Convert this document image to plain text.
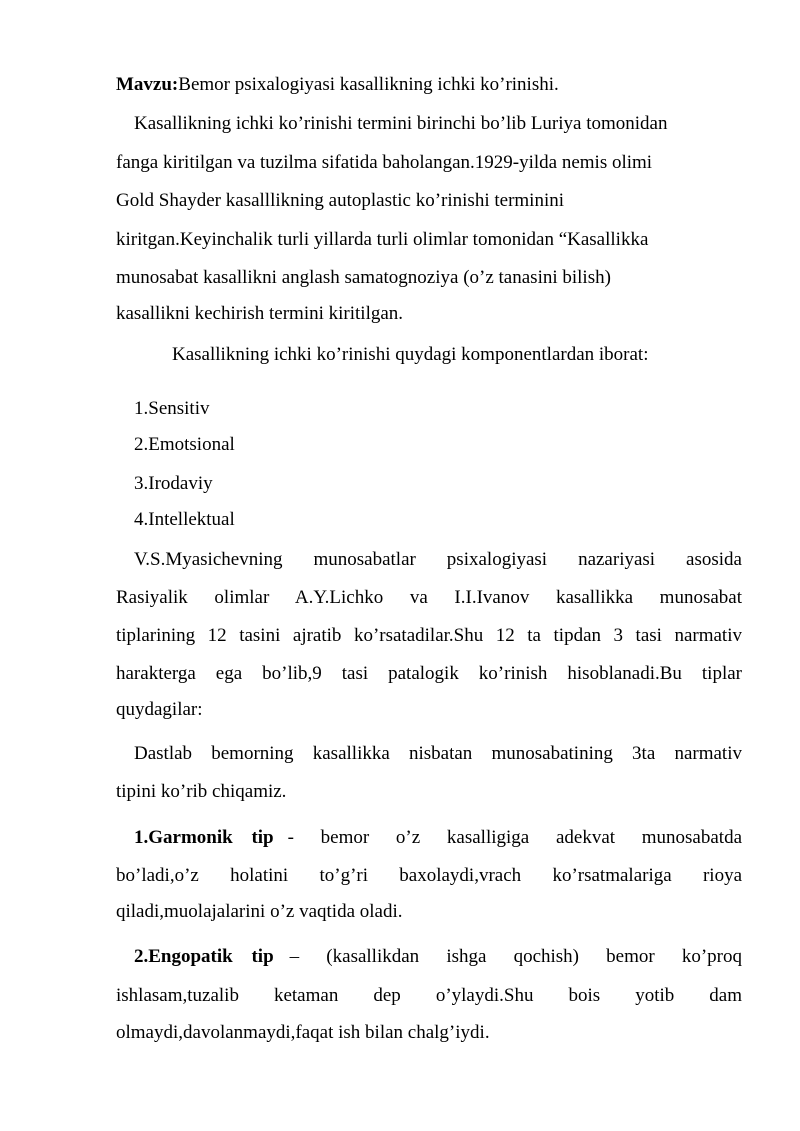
Mavzu:Bemor psixalogiyasi kasallikning ichki ko’rinishi.
Kasallikning ichki ko’rinishi termini birinchi bo’lib Luriya tomonidan
fanga kiritilgan va tuzilma sifatida baholangan.1929-yilda nemis olimi
Gold Shayder kasalllikning autoplastic ko’rinishi terminini
kiritgan.Keyinchalik turli yillarda turli olimlar tomonidan “Kasallikka
munosabat kasallikni anglash samatognoziya (o’z tanasini bilish)
kasallikni kechirish termini kiritilgan.
Kasallikning ichki ko’rinishi quydagi komponentlardan iborat:
1.Sensitiv
2.Emotsional
3.Irodaviy
4.Intellektual
V.S.Myasichevning munosabatlar psixalogiyasi nazariyasi asosida
Rasiyalik olimlar A.Y.Lichko va I.I.Ivanov kasallikka munosabat
tiplarining 12 tasini ajratib ko’rsatadilar.Shu 12 ta tipdan 3 tasi narmativ
harakterga ega bo’lib,9 tasi patalogik ko’rinish hisoblanadi.Bu tiplar
quydagilar:
Dastlab bemorning kasallikka nisbatan munosabatining 3ta narmativ
tipini ko’rib chiqamiz.
1.Garmonik tip - bemor o’z kasalligiga adekvat munosabatda
bo’ladi,o’z holatini to’g’ri baxolaydi,vrach ko’rsatmalariga rioya
qiladi,muolajalarini o’z vaqtida oladi.
2.Engopatik tip – (kasallikdan ishga qochish) bemor ko’proq
ishlasam,tuzalib ketaman dep o’ylaydi.Shu bois yotib dam
olmaydi,davolanmaydi,faqat ish bilan chalg’iydi.
